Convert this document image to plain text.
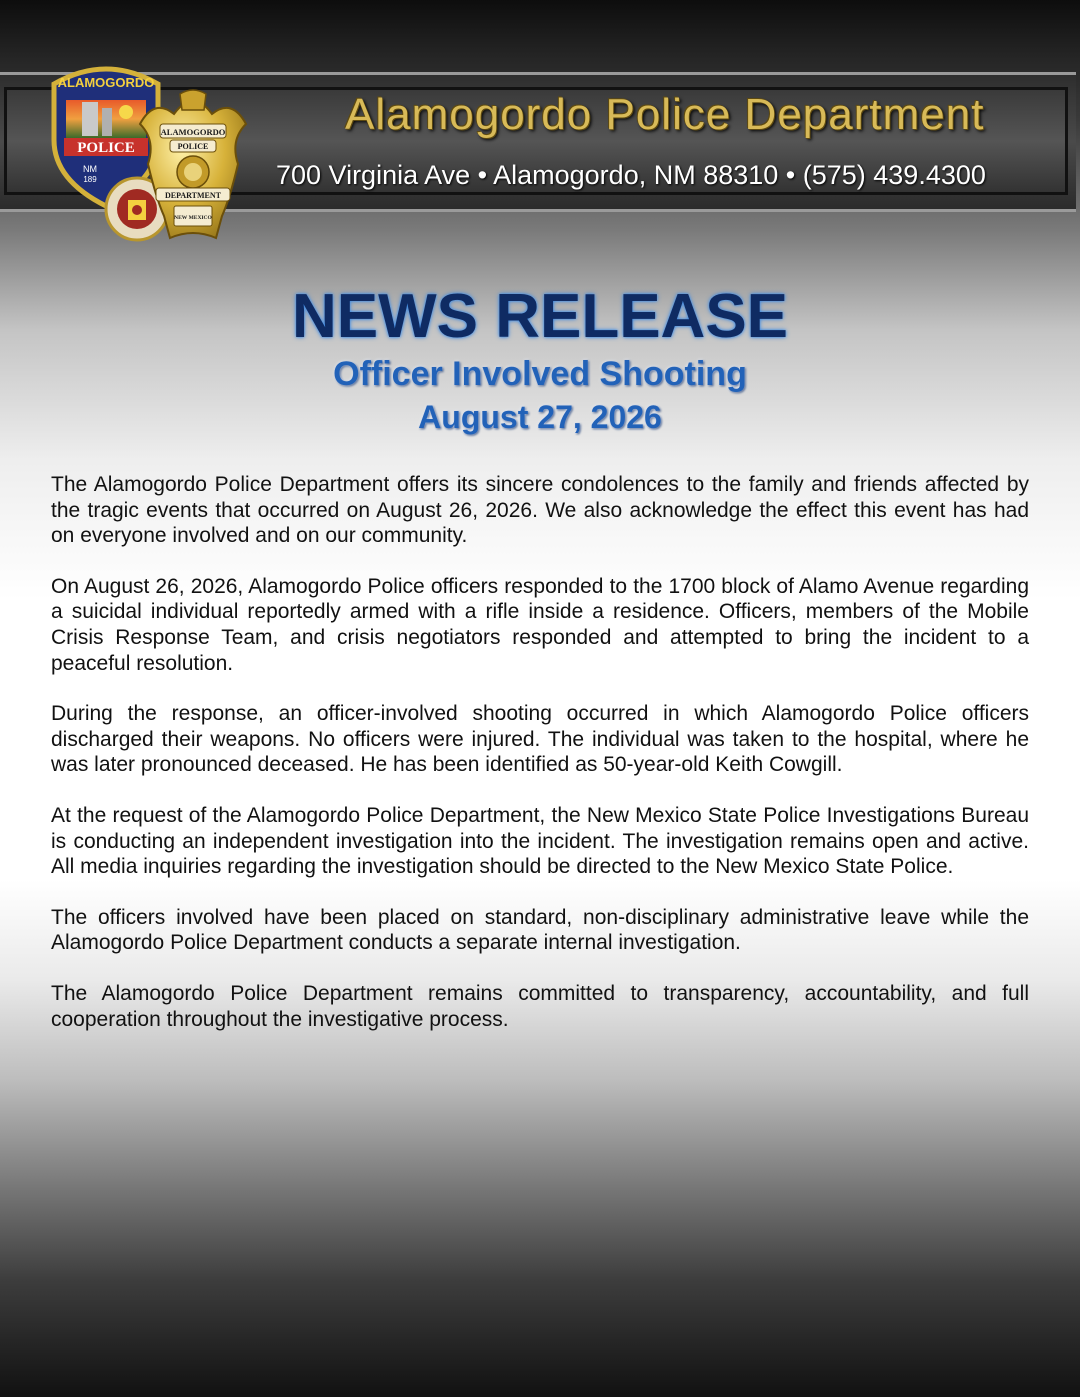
POLICE
ALAMOGORDO
NM
189
ALAMOGORDO
POLICE
DEPARTMENT
NEW MEXICO
Alamogordo Police Department
700 Virginia Ave • Alamogordo, NM 88310 • (575) 439.4300
NEWS RELEASE
Officer Involved Shooting
August 27, 2026

The Alamogordo Police Department offers its sincere condolences to the family and friends affected by the tragic events that occurred on August 26, 2026. We also acknowledge the effect this event has had on everyone involved and on our community.

On August 26, 2026, Alamogordo Police officers responded to the 1700 block of Alamo Avenue regarding a suicidal individual reportedly armed with a rifle inside a residence. Officers, members of the Mobile Crisis Response Team, and crisis negotiators responded and attempted to bring the incident to a peaceful resolution.

During the response, an officer-involved shooting occurred in which Alamogordo Police officers discharged their weapons. No officers were injured. The individual was taken to the hospital, where he was later pronounced deceased. He has been identified as 50-year-old Keith Cowgill.

At the request of the Alamogordo Police Department, the New Mexico State Police Investigations Bureau is conducting an independent investigation into the incident. The investigation remains open and active. All media inquiries regarding the investigation should be directed to the New Mexico State Police.

The officers involved have been placed on standard, non-disciplinary administrative leave while the Alamogordo Police Department conducts a separate internal investigation.

The Alamogordo Police Department remains committed to transparency, accountability, and full cooperation throughout the investigative process.
